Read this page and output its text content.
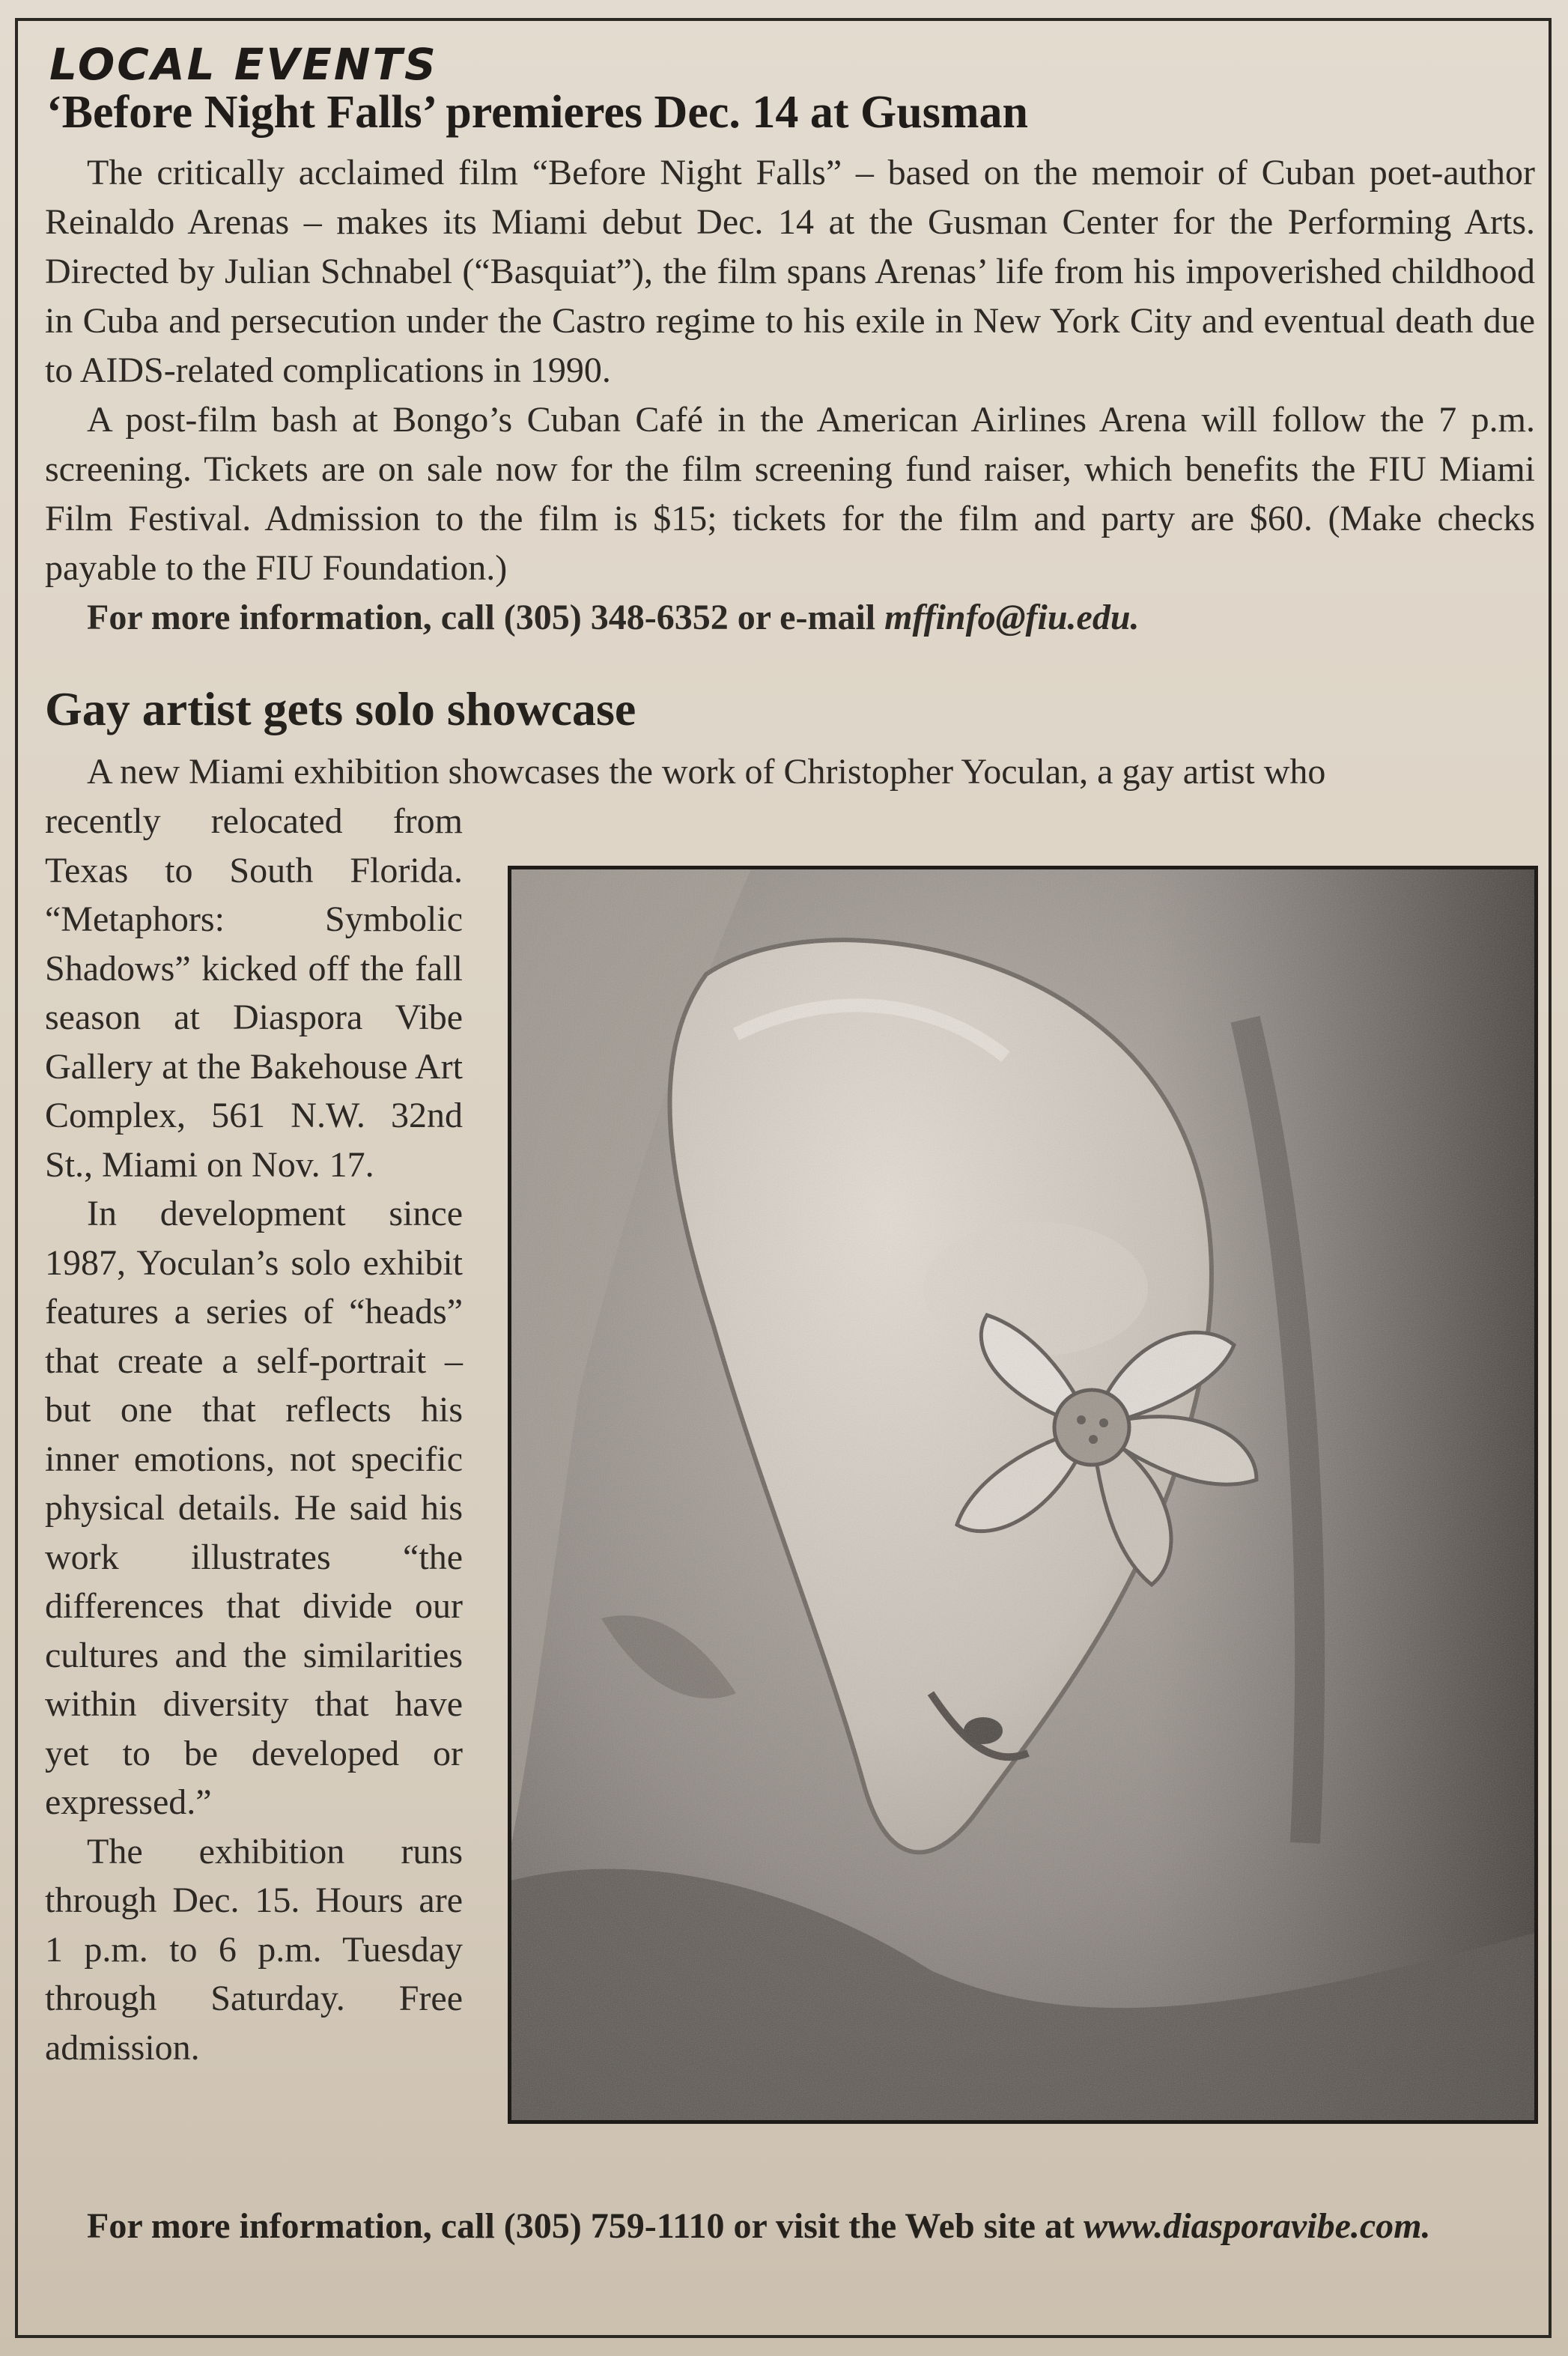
LOCAL EVENTS
‘Before Night Falls’ premieres Dec. 14 at Gusman

The critically acclaimed film “Before Night Falls” – based on the memoir of Cuban poet-author Reinaldo Arenas – makes its Miami debut Dec. 14 at the Gusman Center for the Performing Arts. Directed by Julian Schnabel (“Basquiat”), the film spans Arenas’ life from his impoverished childhood in Cuba and persecution under the Castro regime to his exile in New York City and eventual death due to AIDS-related complications in 1990.

A post-film bash at Bongo’s Cuban Café in the American Airlines Arena will follow the 7 p.m. screening. Tickets are on sale now for the film screening fund raiser, which benefits the FIU Miami Film Festival. Admission to the film is $15; tickets for the film and party are $60. (Make checks payable to the FIU Foundation.)

For more information, call (305) 348-6352 or e-mail mffinfo@fiu.edu.

Gay artist gets solo showcase
A new Miami exhibition showcases the work of Christopher Yoculan, a gay artist who

recently relocated from Texas to South Florida. “Metaphors: Symbolic Shadows” kicked off the fall season at Diaspora Vibe Gallery at the Bakehouse Art Complex, 561 N.W. 32nd St., Miami on Nov. 17.

In development since 1987, Yoculan’s solo exhibit features a series of “heads” that create a self-portrait – but one that reflects his inner emotions, not specific physical details. He said his work illustrates “the differences that divide our cultures and the similarities within diversity that have yet to be developed or expressed.”

The exhibition runs through Dec. 15. Hours are 1 p.m. to 6 p.m. Tuesday through Saturday. Free admission.

For more information, call (305) 759-1110 or visit the Web site at www.diasporavibe.com.
